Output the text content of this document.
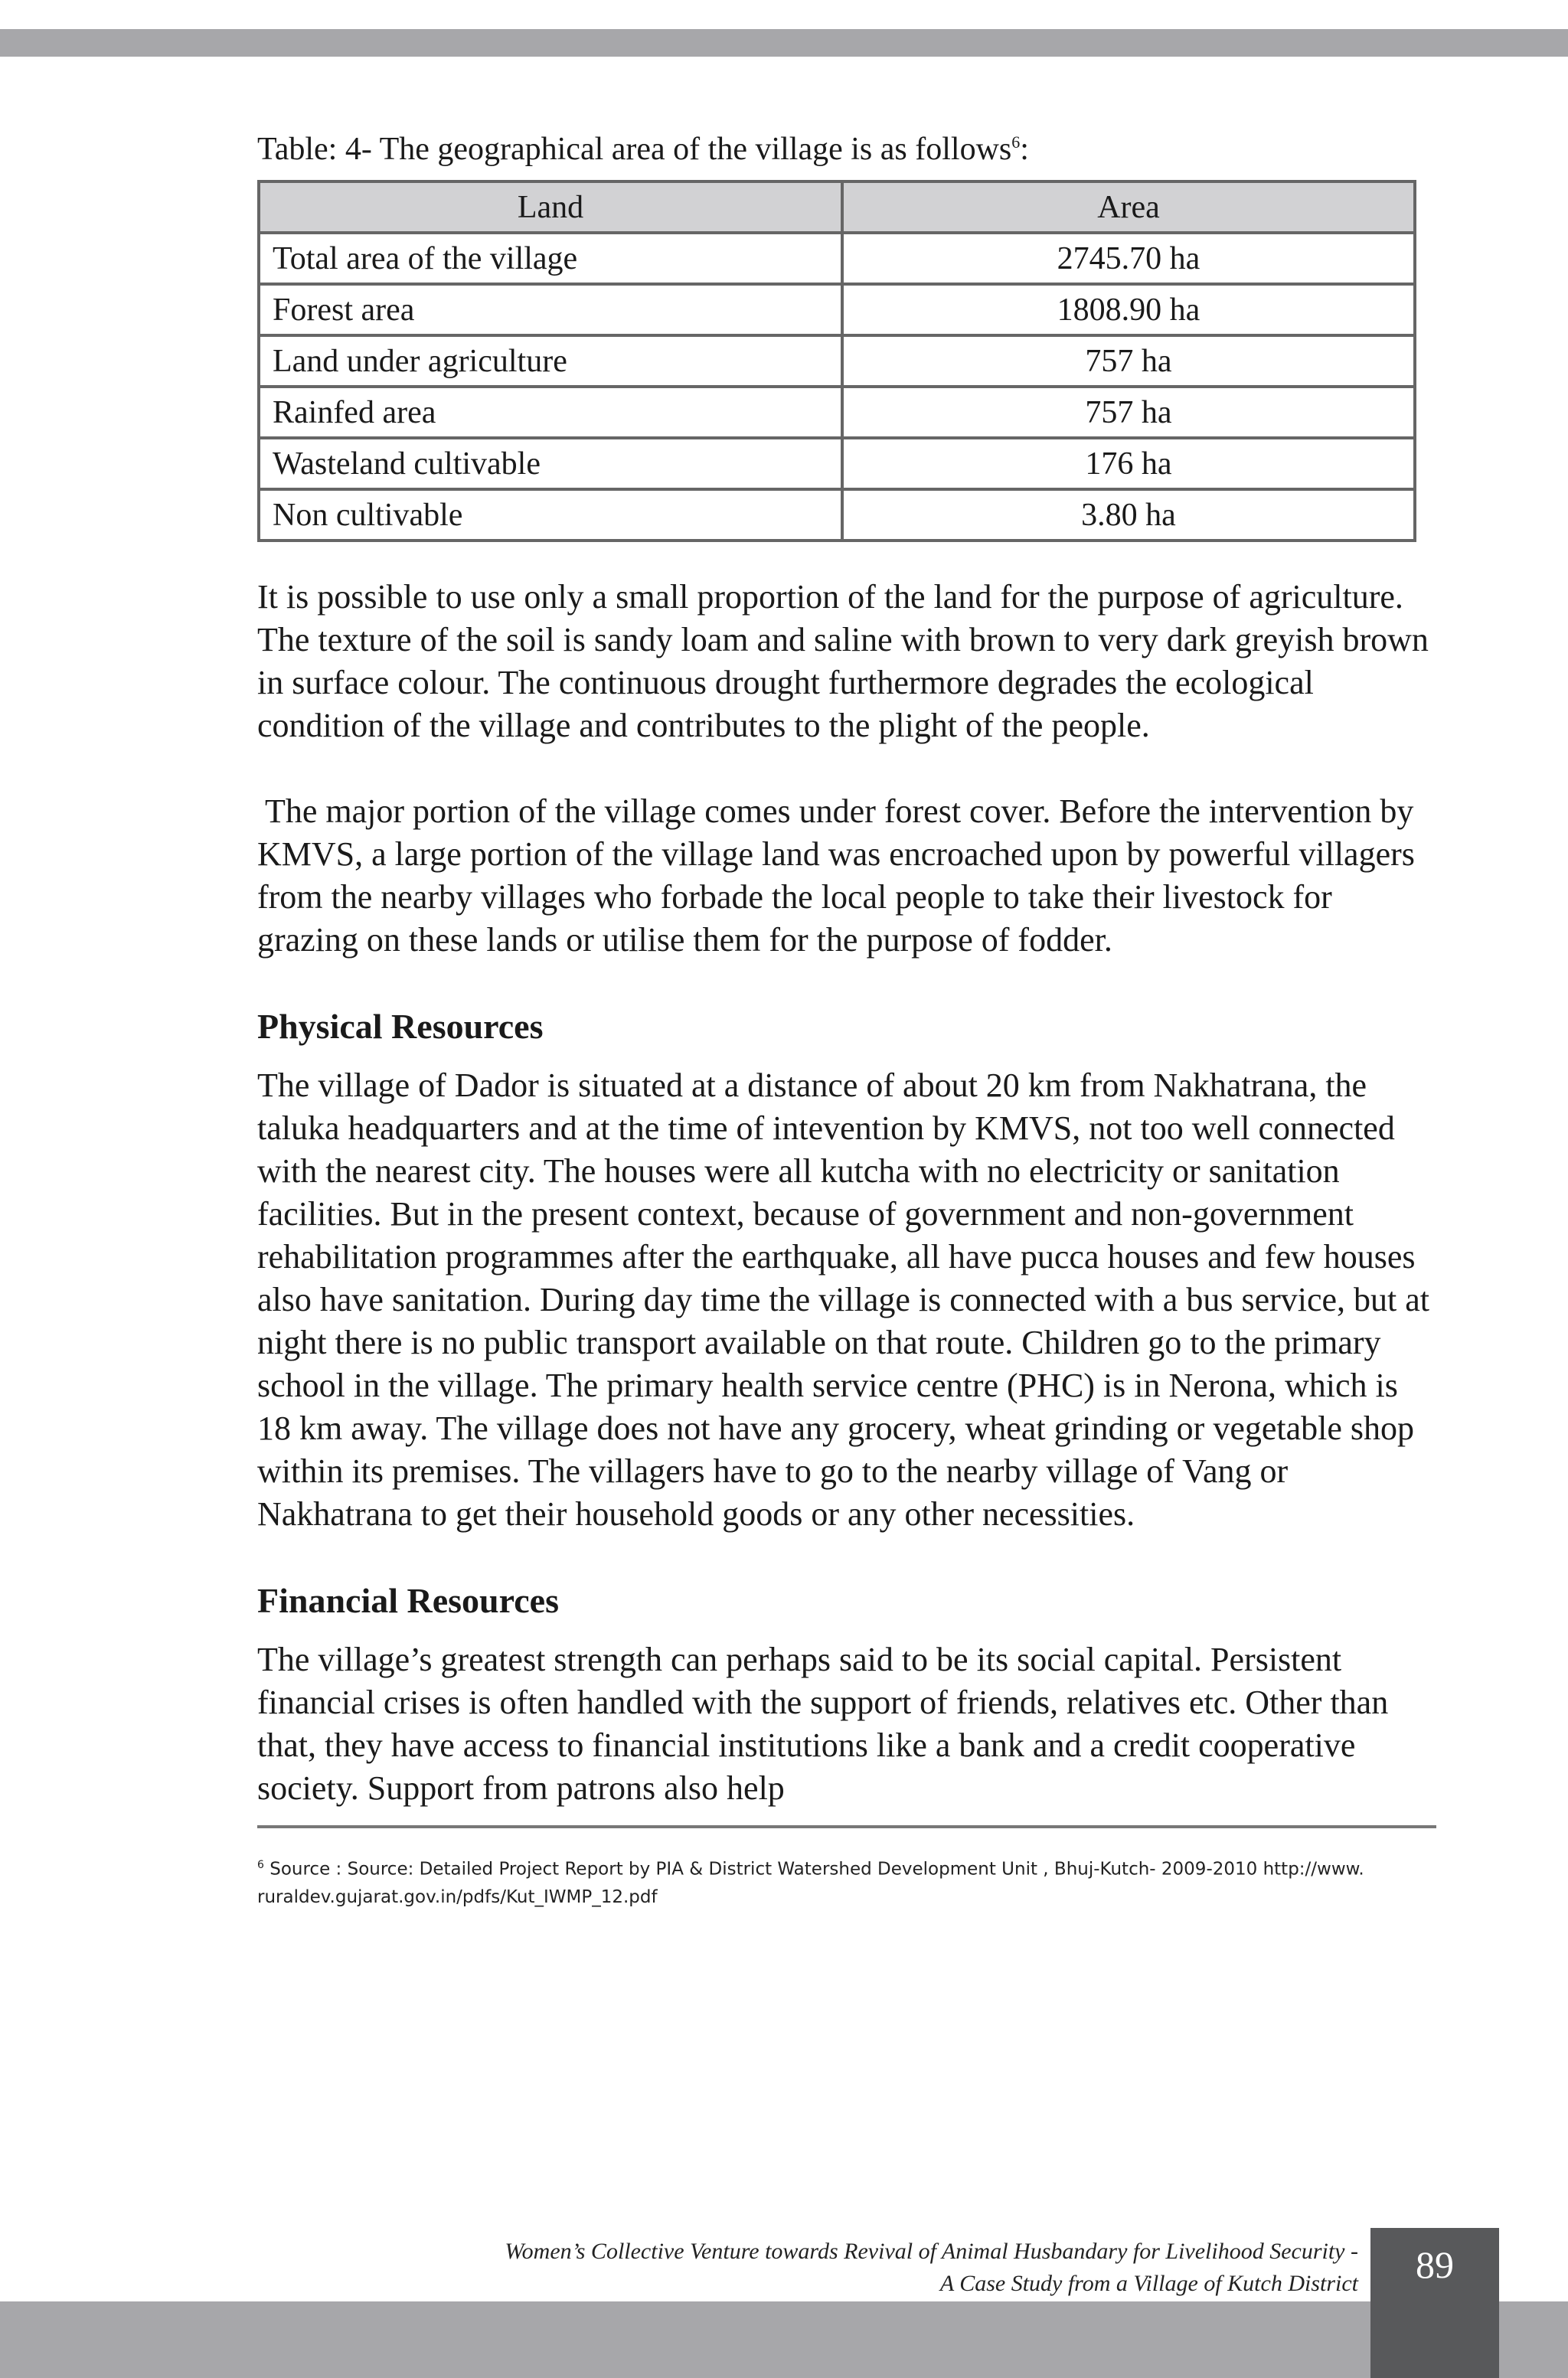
Table: 4- The geographical area of the village is as follows$^6$:
Land	Area
Total area of the village	2745.70 ha
Forest area	1808.90 ha
Land under agriculture	757 ha
Rainfed area	757 ha
Wasteland cultivable	176 ha
Non cultivable	3.80 ha

It is possible to use only a small proportion of the land for the purpose of agriculture. The texture of the soil is sandy loam and saline with brown to very dark greyish brown in surface colour. The continuous drought furthermore degrades the ecological condition of the village and contributes to the plight of the people.

The major portion of the village comes under forest cover. Before the intervention by KMVS, a large portion of the village land was encroached upon by powerful villagers from the nearby villages who forbade the local people to take their livestock for grazing on these lands or utilise them for the purpose of fodder.

Physical Resources

The village of Dador is situated at a distance of about 20 km from Nakhatrana, the taluka headquarters and at the time of intevention by KMVS, not too well connected with the nearest city. The houses were all kutcha with no electricity or sanitation facilities. But in the present context, because of government and non-government rehabilitation programmes after the earthquake, all have pucca houses and few houses also have sanitation. During day time the village is connected with a bus service, but at night there is no public transport available on that route. Children go to the primary school in the village. The primary health service centre (PHC) is in Nerona, which is 18 km away. The village does not have any grocery, wheat grinding or vegetable shop within its premises. The villagers have to go to the nearby village of Vang or Nakhatrana to get their household goods or any other necessities.

Financial Resources

The village’s greatest strength can perhaps said to be its social capital. Persistent financial crises is often handled with the support of friends, relatives etc. Other than that, they have access to financial institutions like a bank and a credit cooperative society. Support from patrons also help

$^6$ Source : Source: Detailed Project Report by PIA & District Watershed Development Unit , Bhuj-Kutch- 2009-2010 http://www.
ruraldev.gujarat.gov.in/pdfs/Kut_IWMP_12.pdf
Women’s Collective Venture towards Revival of Animal Husbandary for Livelihood Security -
A Case Study from a Village of Kutch District	89
